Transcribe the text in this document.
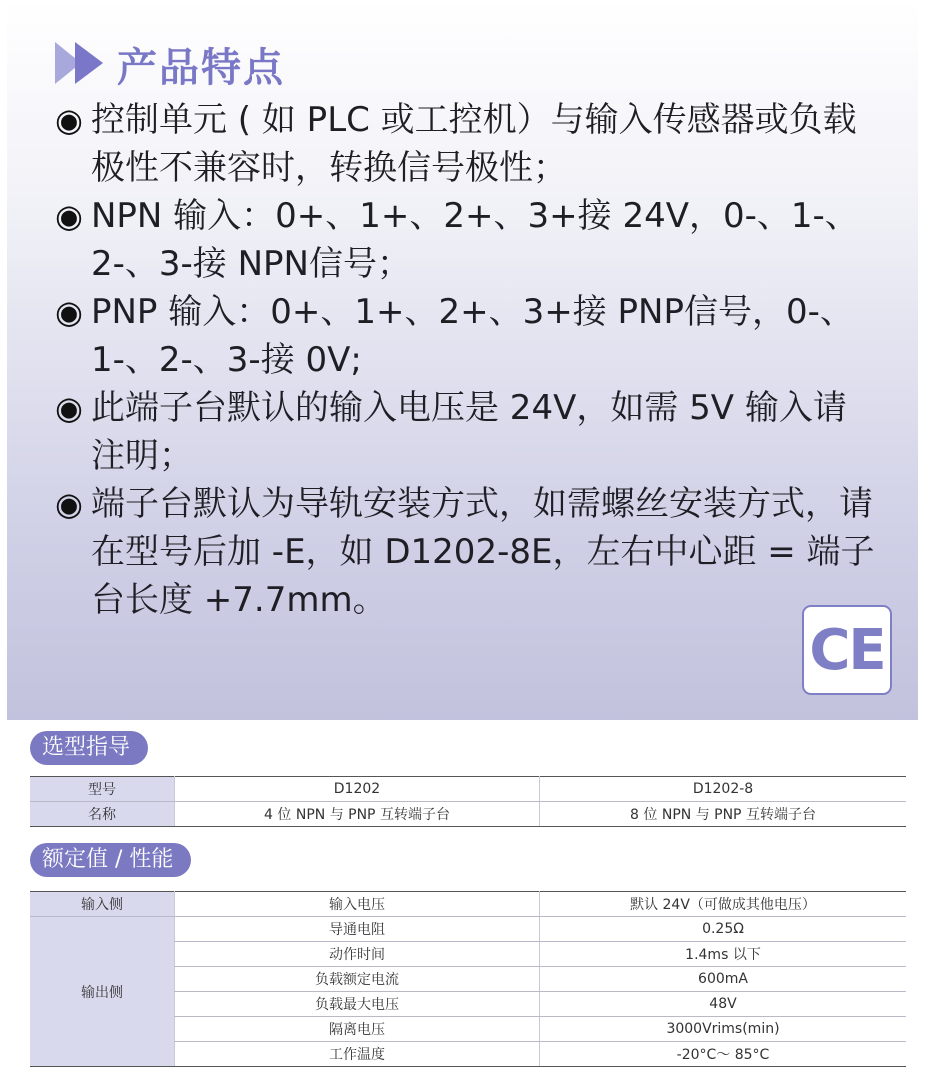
产品特点
◉ 控制单元 ( 如 PLC 或工控机）与输入传感器或负载极性不兼容时，转换信号极性；
◉ NPN 输入：0+、1+、2+、3+接 24V，0-、1-、2-、3-接 NPN信号；
◉ PNP 输入：0+、1+、2+、3+接 PNP信号，0-、1-、2-、3-接 0V;
◉ 此端子台默认的输入电压是 24V，如需 5V 输入请注明；
◉ 端子台默认为导轨安装方式，如需螺丝安装方式，请在型号后加 -E，如 D1202-8E，左右中心距 = 端子台长度 +7.7mm。
CE
选型指导
型号	D1202	D1202-8
名称	4 位 NPN 与 PNP 互转端子台	8 位 NPN 与 PNP 互转端子台
额定值 / 性能
输入侧	输入电压	默认 24V（可做成其他电压）
输出侧	导通电阻	0.25Ω
	动作时间	1.4ms 以下
	负载额定电流	600mA
	负载最大电压	48V
	隔离电压	3000Vrims(min)
	工作温度	-20°C～ 85°C
